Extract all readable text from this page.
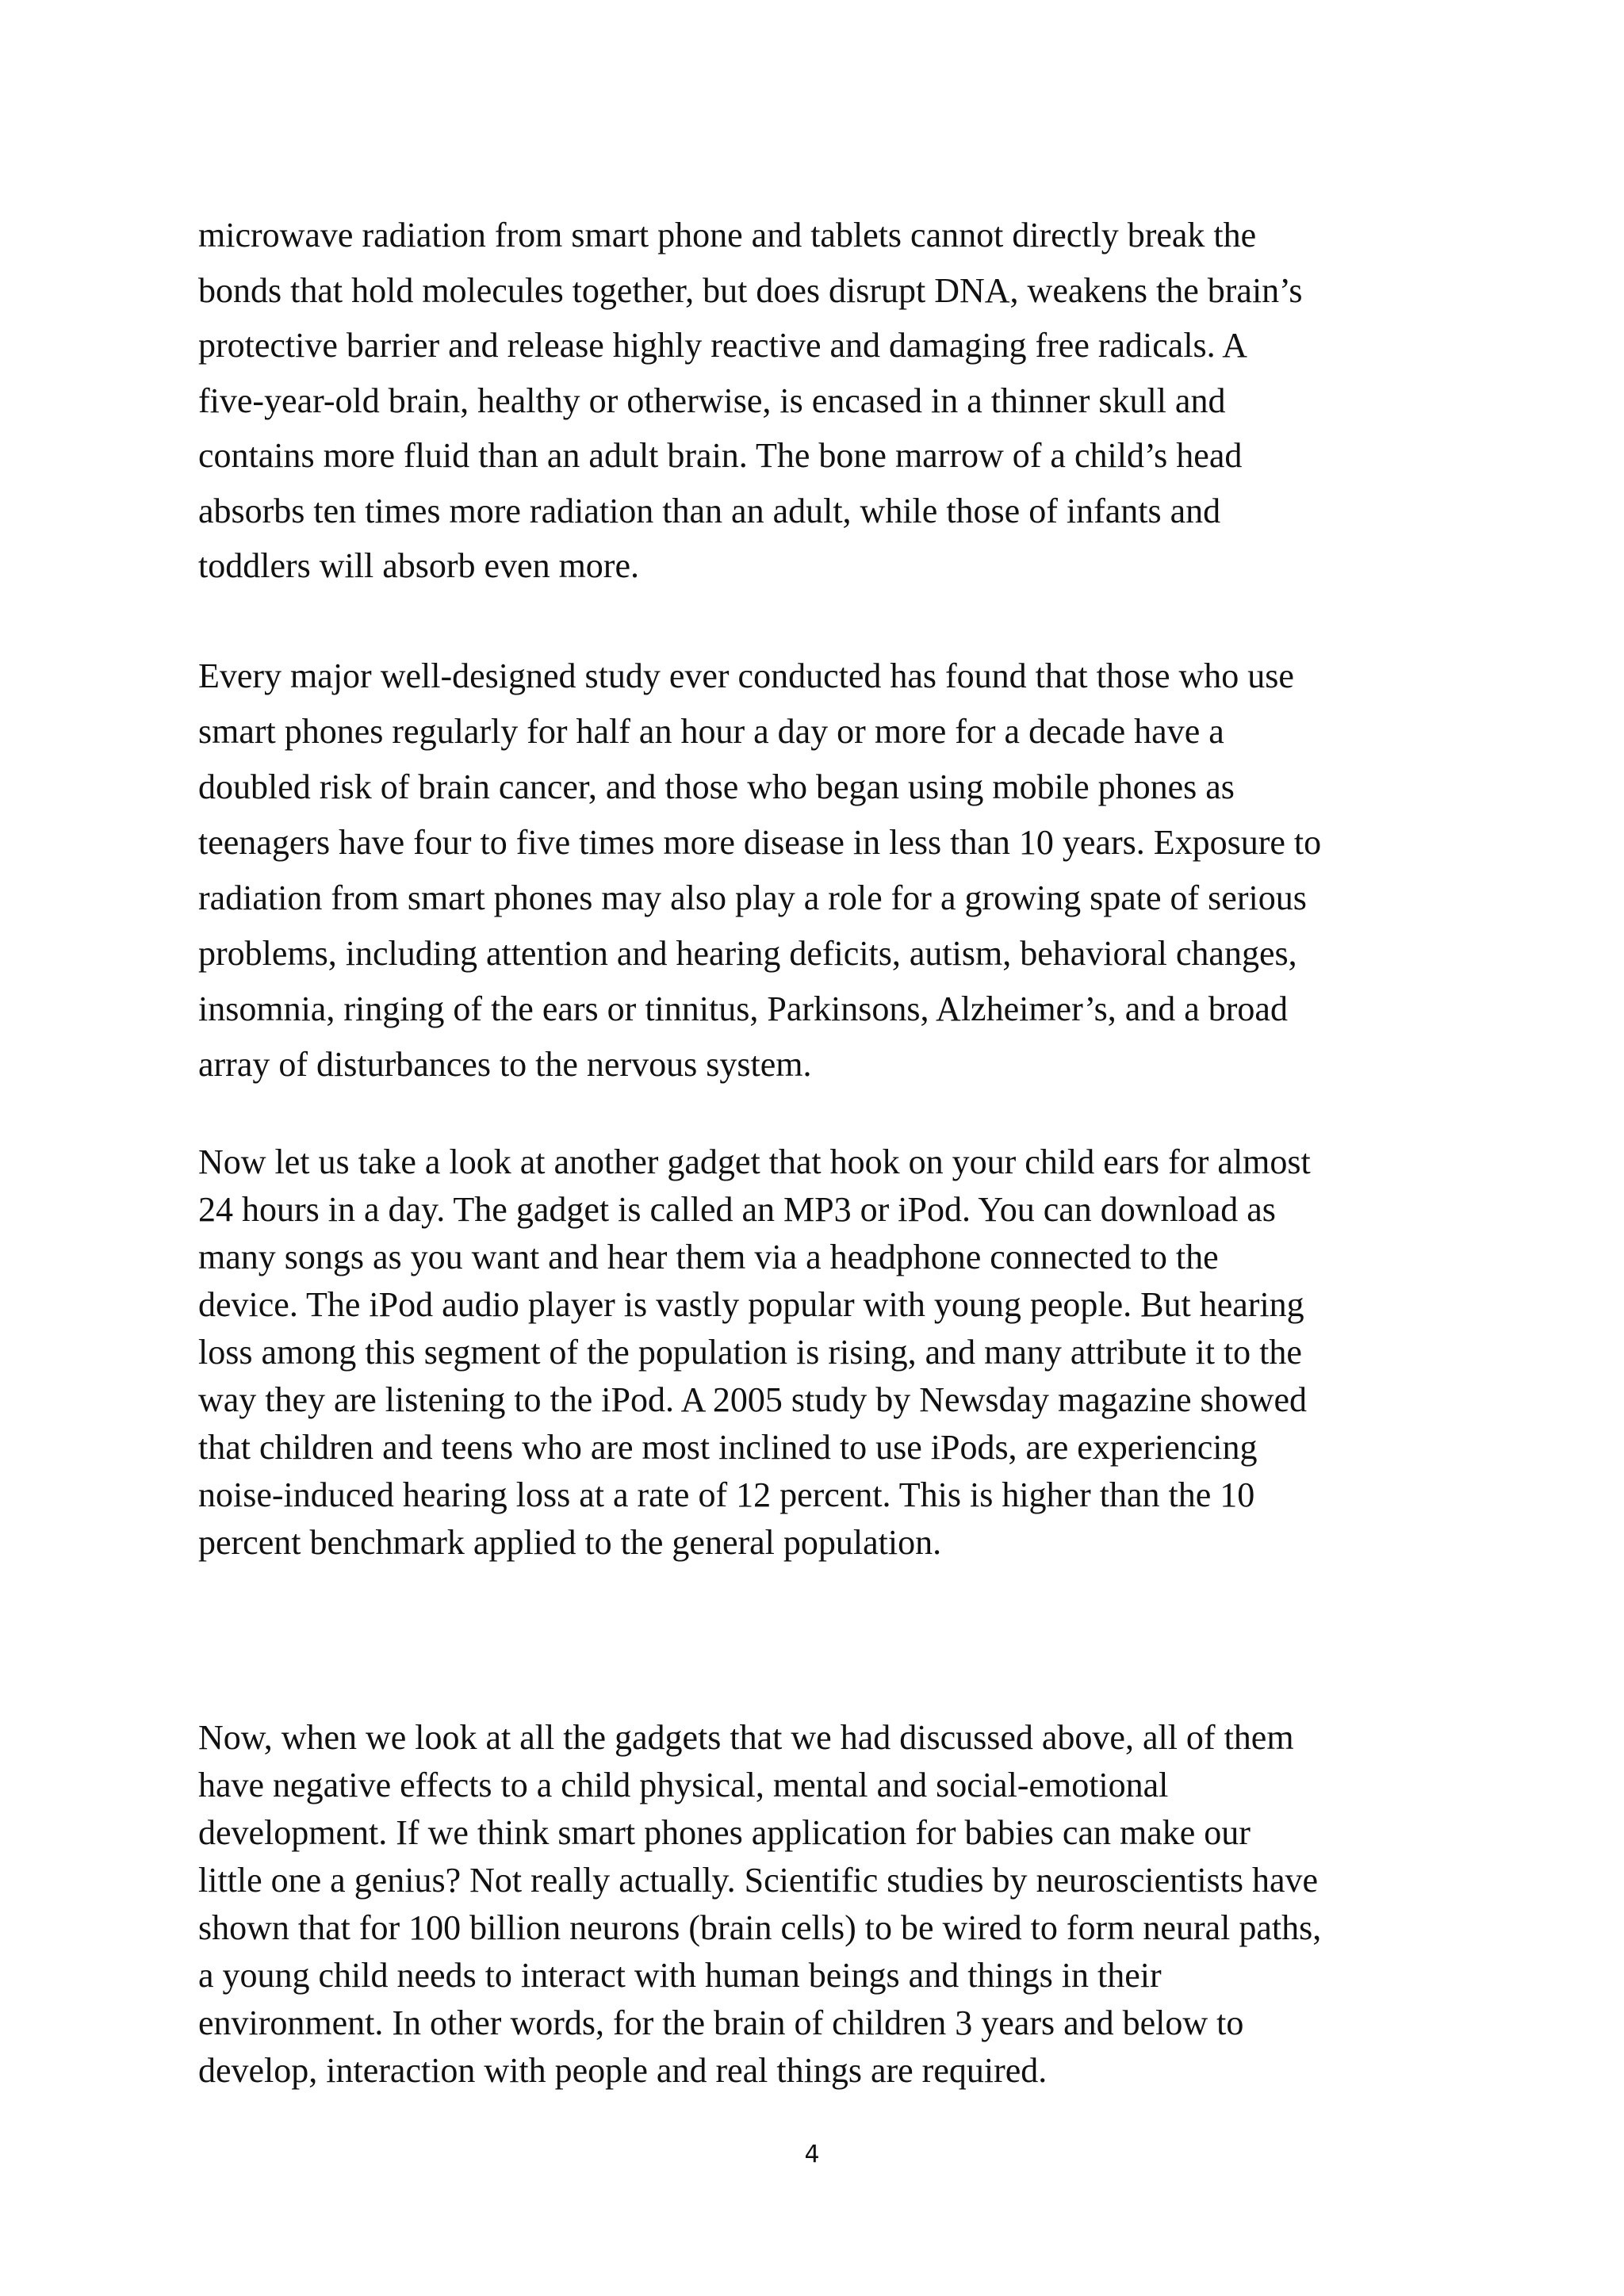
microwave radiation from smart phone and tablets cannot directly break the
bonds that hold molecules together, but does disrupt DNA, weakens the brain’s
protective barrier and release highly reactive and damaging free radicals. A
five-year-old brain, healthy or otherwise, is encased in a thinner skull and
contains more fluid than an adult brain. The bone marrow of a child’s head
absorbs ten times more radiation than an adult, while those of infants and
toddlers will absorb even more.

Every major well-designed study ever conducted has found that those who use
smart phones regularly for half an hour a day or more for a decade have a
doubled risk of brain cancer, and those who began using mobile phones as
teenagers have four to five times more disease in less than 10 years. Exposure to
radiation from smart phones may also play a role for a growing spate of serious
problems, including attention and hearing deficits, autism, behavioral changes,
insomnia, ringing of the ears or tinnitus, Parkinsons, Alzheimer’s, and a broad
array of disturbances to the nervous system.

Now let us take a look at another gadget that hook on your child ears for almost
24 hours in a day. The gadget is called an MP3 or iPod. You can download as
many songs as you want and hear them via a headphone connected to the
device. The iPod audio player is vastly popular with young people. But hearing
loss among this segment of the population is rising, and many attribute it to the
way they are listening to the iPod. A 2005 study by Newsday magazine showed
that children and teens who are most inclined to use iPods, are experiencing
noise-induced hearing loss at a rate of 12 percent. This is higher than the 10
percent benchmark applied to the general population.

Now, when we look at all the gadgets that we had discussed above, all of them
have negative effects to a child physical, mental and social-emotional
development. If we think smart phones application for babies can make our
little one a genius? Not really actually. Scientific studies by neuroscientists have
shown that for 100 billion neurons (brain cells) to be wired to form neural paths,
a young child needs to interact with human beings and things in their
environment. In other words, for the brain of children 3 years and below to
develop, interaction with people and real things are required.

4
